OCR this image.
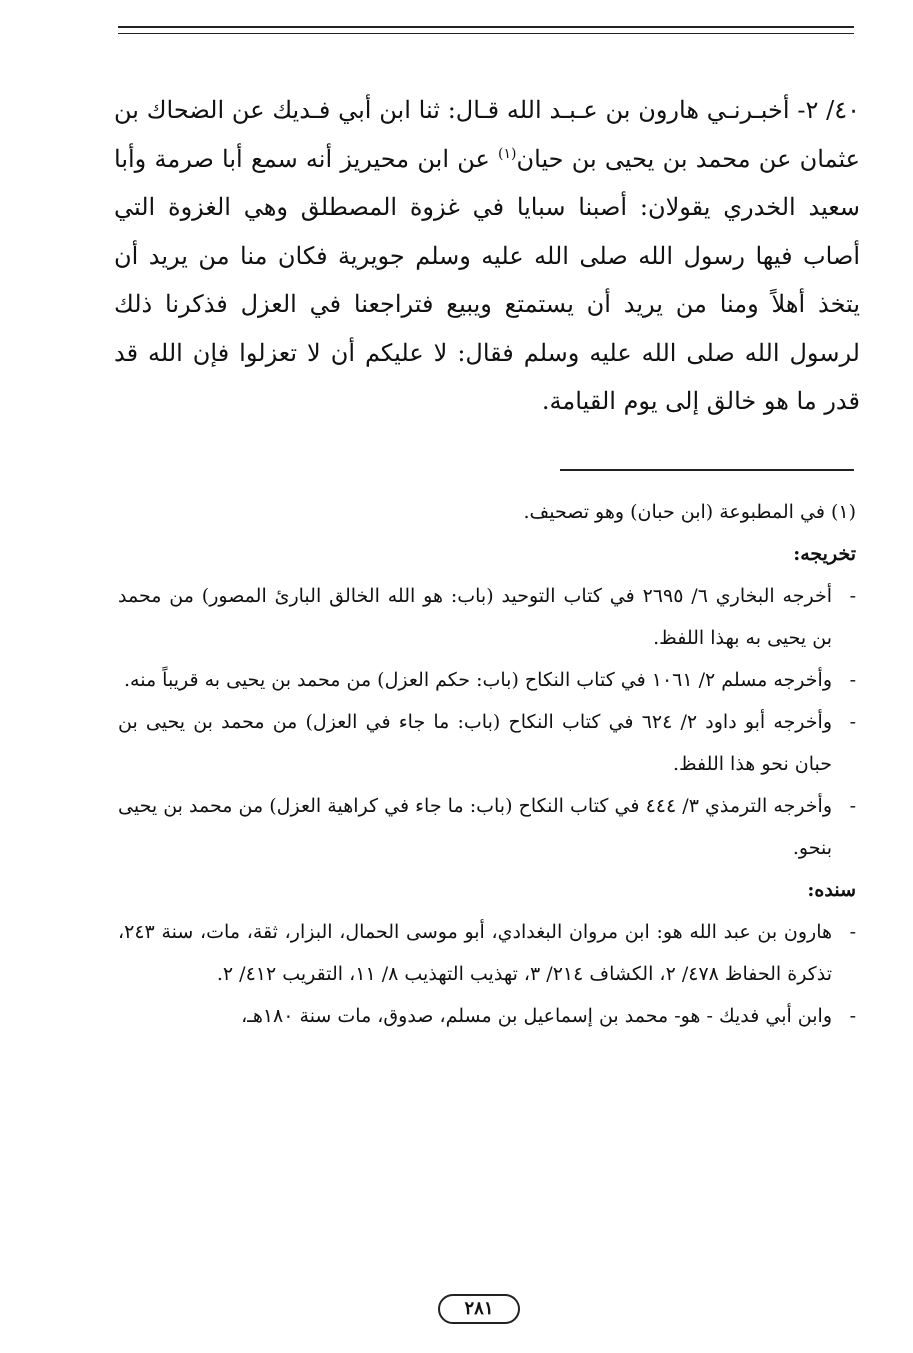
٤٠/ ٢- أخبـرنـي هارون بن عـبـد الله قـال: ثنا ابن أبي فـديك عن الضحاك بن عثمان عن محمد بن يحيى بن حيان$^{(١)}$ عن ابن محيريز أنه سمع أبا صرمة وأبا سعيد الخدري يقولان: أصبنا سبايا في غزوة المصطلق وهي الغزوة التي أصاب فيها رسول الله صلى الله عليه وسلم جويرية فكان منا من يريد أن يتخذ أهلاً ومنا من يريد أن يستمتع ويبيع فتراجعنا في العزل فذكرنا ذلك لرسول الله صلى الله عليه وسلم فقال: لا عليكم أن لا تعزلوا فإن الله قد قدر ما هو خالق إلى يوم القيامة.

(١) في المطبوعة (ابن حبان) وهو تصحيف.

تخريجه:

-
أخرجه البخاري ٦/ ٢٦٩٥ في كتاب التوحيد (باب: هو الله الخالق البارئ المصور) من محمد بن يحيى به بهذا اللفظ.
-
وأخرجه مسلم ٢/ ١٠٦١ في كتاب النكاح (باب: حكم العزل) من محمد بن يحيى به قريباً منه.
-
وأخرجه أبو داود ٢/ ٦٢٤ في كتاب النكاح (باب: ما جاء في العزل) من محمد بن يحيى بن حبان نحو هذا اللفظ.
-
وأخرجه الترمذي ٣/ ٤٤٤ في كتاب النكاح (باب: ما جاء في كراهية العزل) من محمد بن يحيى بنحو.

سنده:

-
هارون بن عبد الله هو: ابن مروان البغدادي، أبو موسى الحمال، البزار، ثقة، مات، سنة ٢٤٣، تذكرة الحفاظ ٤٧٨/ ٢، الكشاف ٢١٤/ ٣، تهذيب التهذيب ٨/ ١١، التقريب ٤١٢/ ٢.
-
وابن أبي فديك - هو- محمد بن إسماعيل بن مسلم، صدوق، مات سنة ١٨٠هـ،
٢٨١
